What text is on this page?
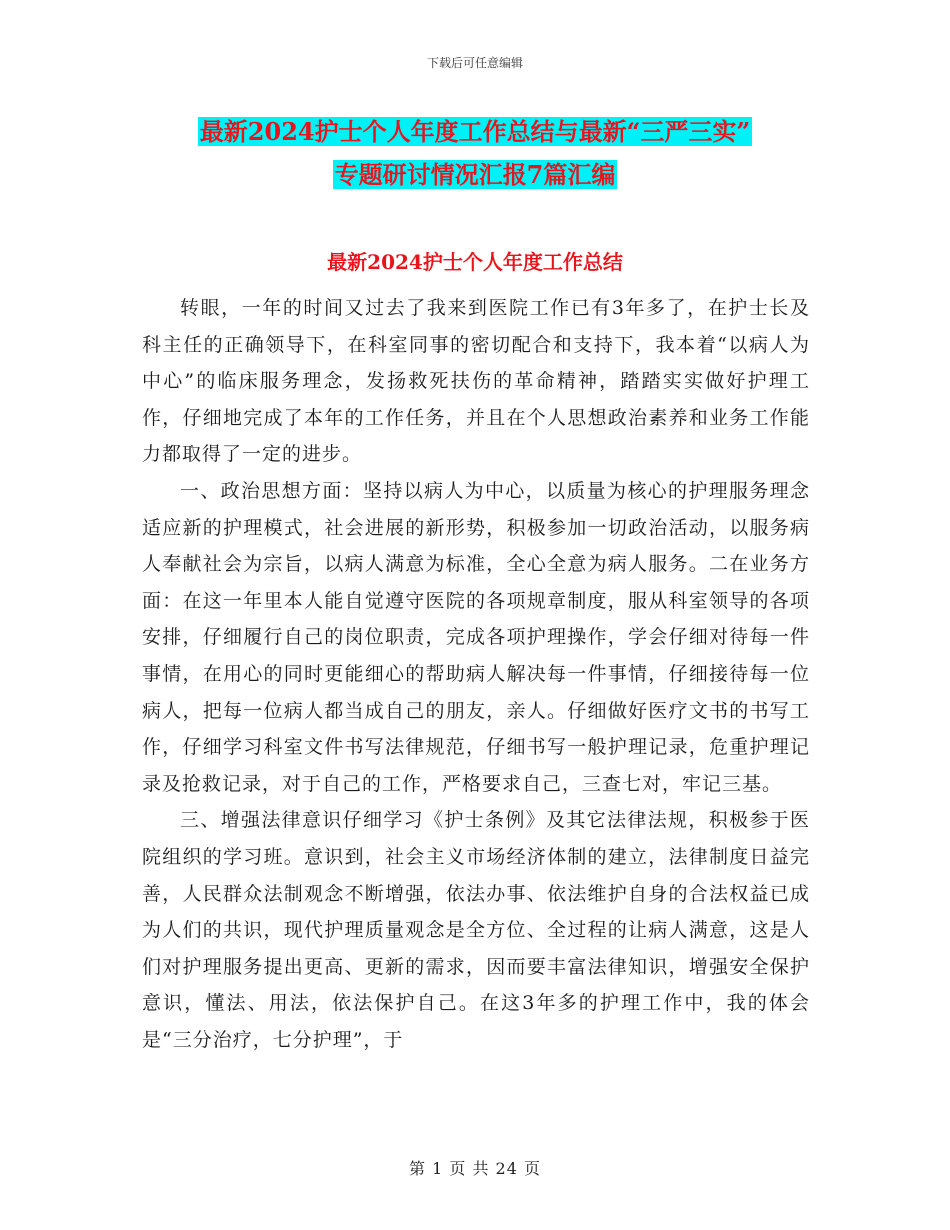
下载后可任意编辑
最新2024护士个人年度工作总结与最新“三严三实”
专题研讨情况汇报7篇汇编
最新2024护士个人年度工作总结

转眼，一年的时间又过去了我来到医院工作已有3年多了，在护士长及科主任的正确领导下，在科室同事的密切配合和支持下，我本着“以病人为中心”的临床服务理念，发扬救死扶伤的革命精神，踏踏实实做好护理工作，仔细地完成了本年的工作任务，并且在个人思想政治素养和业务工作能力都取得了一定的进步。

一、政治思想方面：坚持以病人为中心，以质量为核心的护理服务理念适应新的护理模式，社会进展的新形势，积极参加一切政治活动，以服务病人奉献社会为宗旨，以病人满意为标准，全心全意为病人服务。二在业务方面：在这一年里本人能自觉遵守医院的各项规章制度，服从科室领导的各项安排，仔细履行自己的岗位职责，完成各项护理操作，学会仔细对待每一件事情，在用心的同时更能细心的帮助病人解决每一件事情，仔细接待每一位病人，把每一位病人都当成自己的朋友，亲人。仔细做好医疗文书的书写工作，仔细学习科室文件书写法律规范，仔细书写一般护理记录，危重护理记录及抢救记录，对于自己的工作，严格要求自己，三查七对，牢记三基。

三、增强法律意识仔细学习《护士条例》及其它法律法规，积极参于医院组织的学习班。意识到，社会主义市场经济体制的建立，法律制度日益完善，人民群众法制观念不断增强，依法办事、依法维护自身的合法权益已成为人们的共识，现代护理质量观念是全方位、全过程的让病人满意，这是人们对护理服务提出更高、更新的需求，因而要丰富法律知识，增强安全保护意识，懂法、用法，依法保护自己。在这3年多的护理工作中，我的体会是“三分治疗，七分护理”，于

第 1 页 共 24 页
